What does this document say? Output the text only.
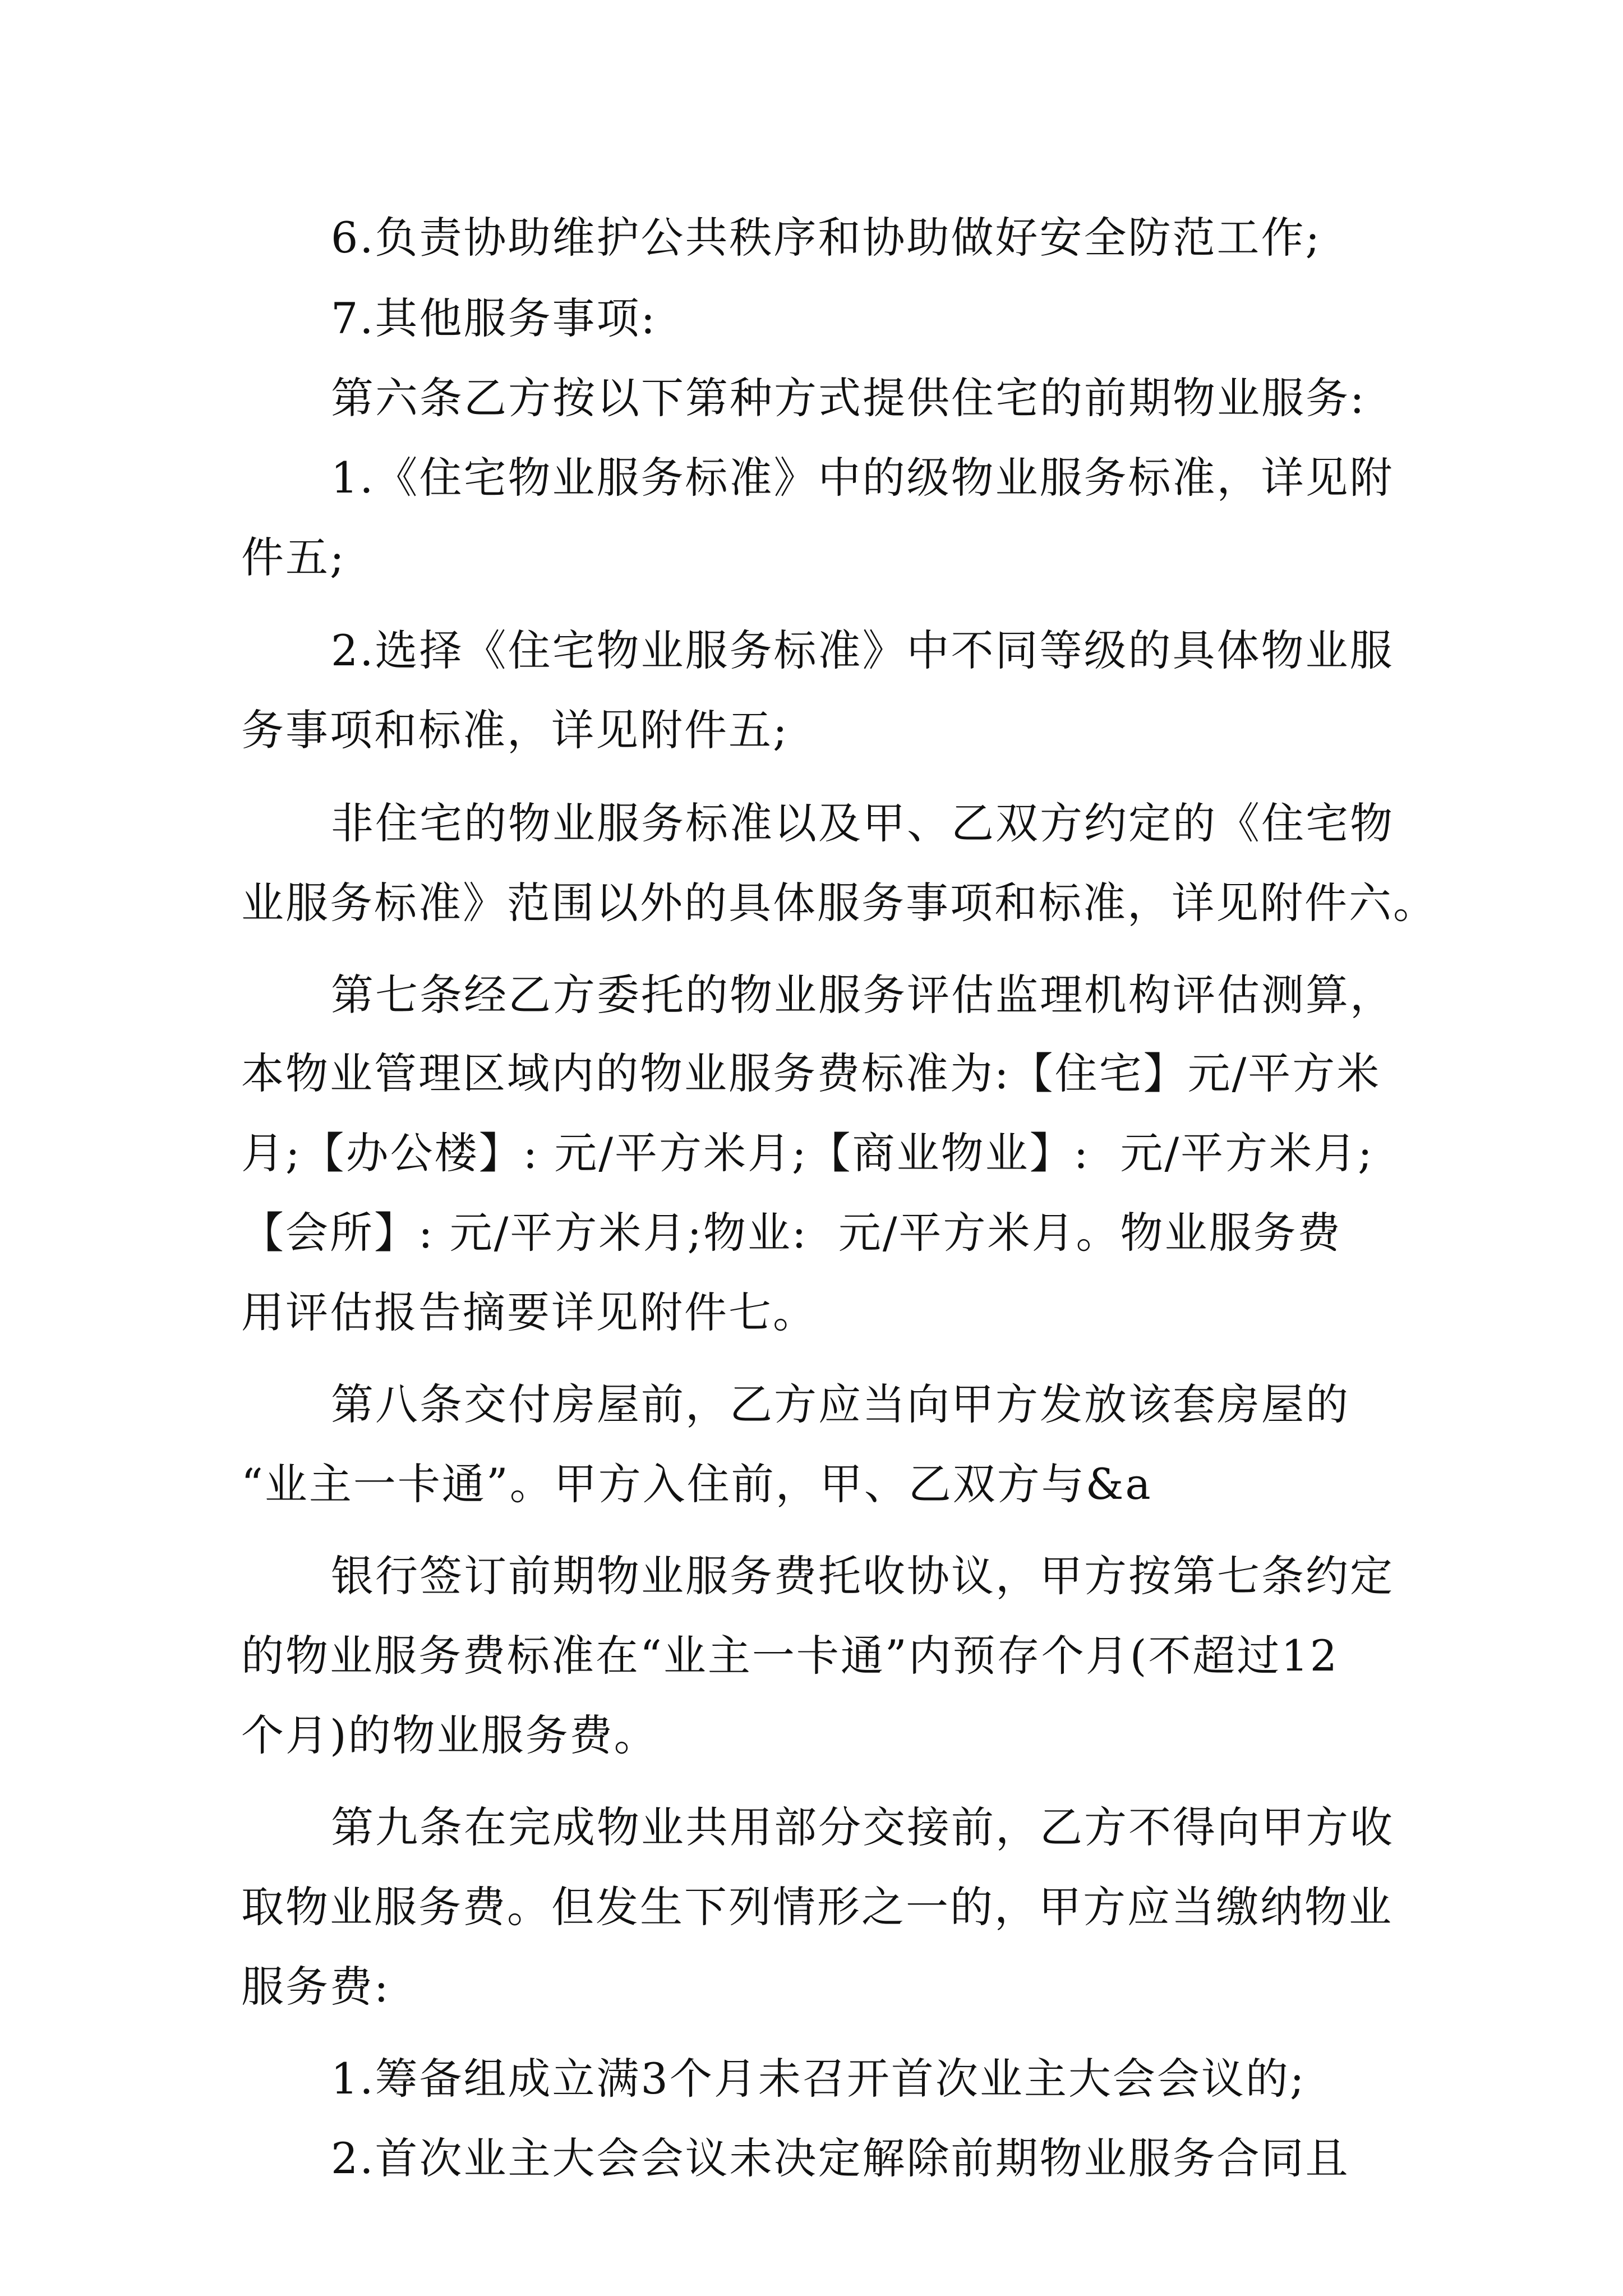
6.负责协助维护公共秩序和协助做好安全防范工作;
7.其他服务事项:
第六条乙方按以下第种方式提供住宅的前期物业服务:
1.《住宅物业服务标准》中的级物业服务标准，详见附
件五;
2.选择《住宅物业服务标准》中不同等级的具体物业服
务事项和标准，详见附件五;
非住宅的物业服务标准以及甲、乙双方约定的《住宅物
业服务标准》范围以外的具体服务事项和标准，详见附件六。
第七条经乙方委托的物业服务评估监理机构评估测算，
本物业管理区域内的物业服务费标准为:【住宅】元/平方米
月;【办公楼】: 元/平方米月;【商业物业】:  元/平方米月;
【会所】: 元/平方米月;物业:  元/平方米月。物业服务费
用评估报告摘要详见附件七。
第八条交付房屋前，乙方应当向甲方发放该套房屋的
“业主一卡通”。甲方入住前，甲、乙双方与&a
银行签订前期物业服务费托收协议，甲方按第七条约定
的物业服务费标准在“业主一卡通”内预存个月(不超过12
个月)的物业服务费。
第九条在完成物业共用部分交接前，乙方不得向甲方收
取物业服务费。但发生下列情形之一的，甲方应当缴纳物业
服务费:
1.筹备组成立满3个月未召开首次业主大会会议的;
2.首次业主大会会议未决定解除前期物业服务合同且
